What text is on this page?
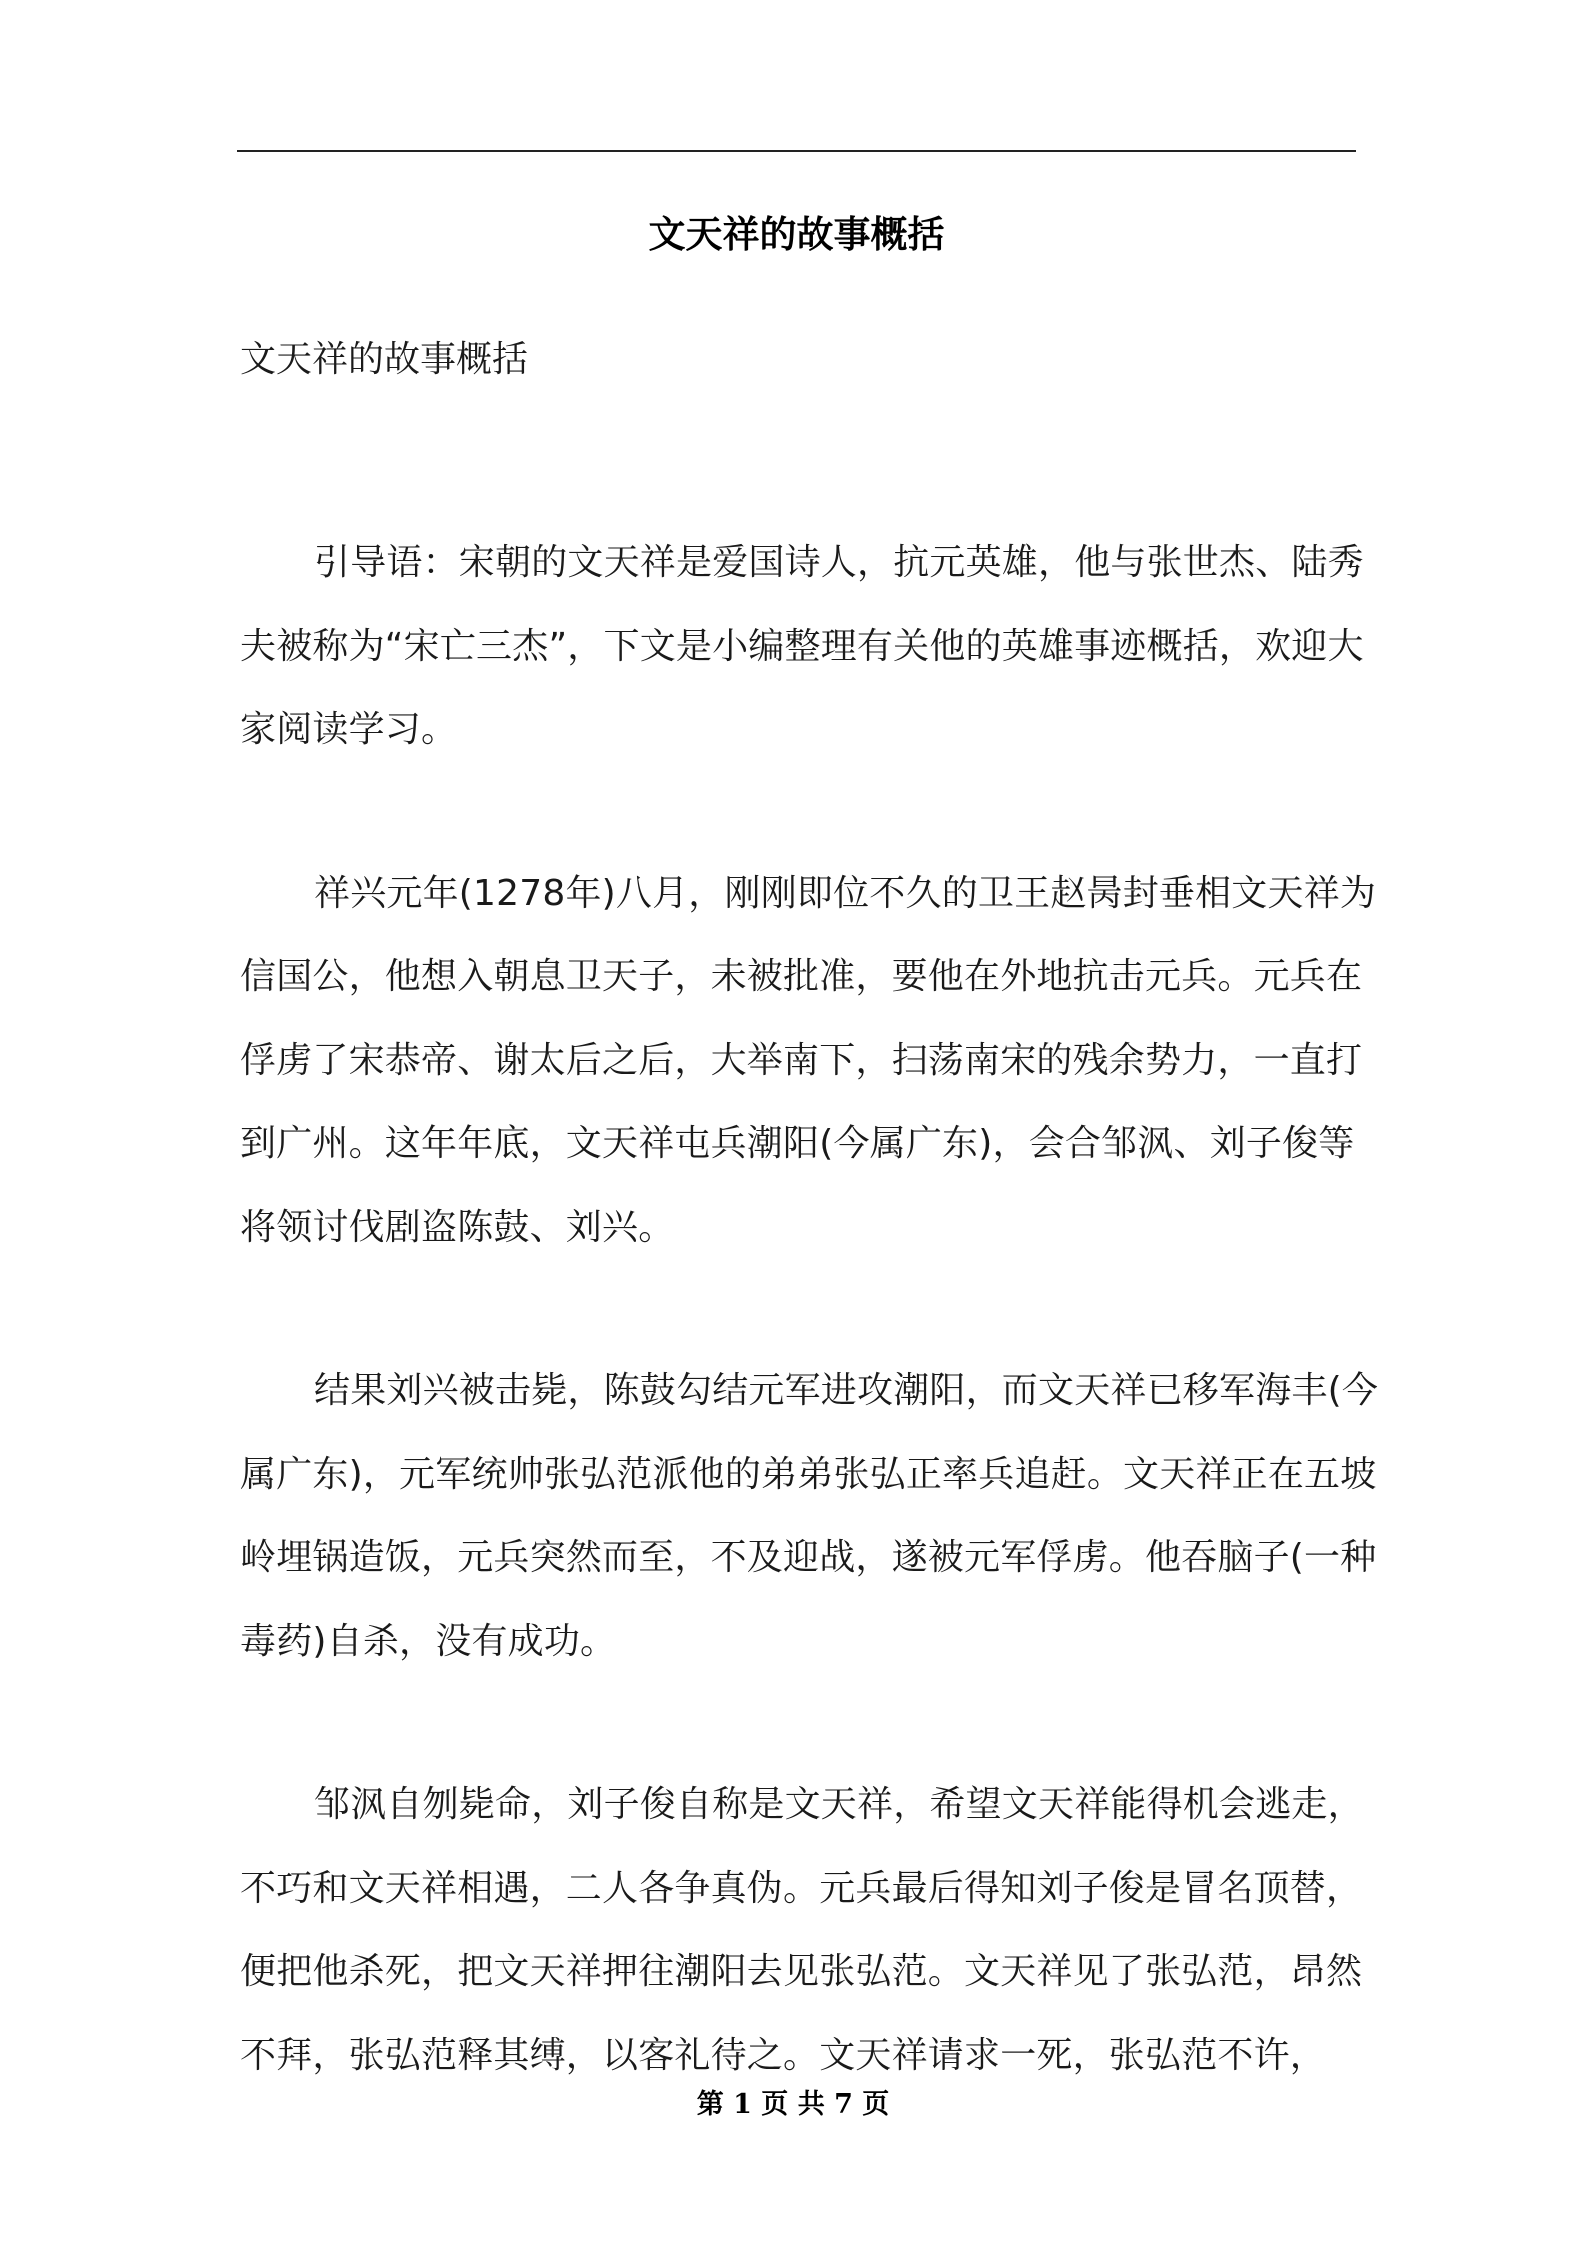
文天祥的故事概括

文天祥的故事概括

引导语：宋朝的文天祥是爱国诗人，抗元英雄，他与张世杰、陆秀夫被称为“宋亡三杰”，下文是小编整理有关他的英雄事迹概括，欢迎大家阅读学习。

祥兴元年(1278年)八月，刚刚即位不久的卫王赵昺封垂相文天祥为信国公，他想入朝息卫天子，未被批准，要他在外地抗击元兵。元兵在俘虏了宋恭帝、谢太后之后，大举南下，扫荡南宋的残余势力，一直打到广州。这年年底，文天祥屯兵潮阳(今属广东)，会合邹沨、刘子俊等将领讨伐剧盗陈鼓、刘兴。

结果刘兴被击毙，陈鼓勾结元军进攻潮阳，而文天祥已移军海丰(今属广东)，元军统帅张弘范派他的弟弟张弘正率兵追赶。文天祥正在五坡岭埋锅造饭，元兵突然而至，不及迎战，遂被元军俘虏。他吞脑子(一种毒药)自杀，没有成功。

邹沨自刎毙命，刘子俊自称是文天祥，希望文天祥能得机会逃走，不巧和文天祥相遇，二人各争真伪。元兵最后得知刘子俊是冒名顶替，便把他杀死，把文天祥押往潮阳去见张弘范。文天祥见了张弘范，昂然不拜，张弘范释其缚，以客礼待之。文天祥请求一死，张弘范不许，

第 1 页 共 7 页
